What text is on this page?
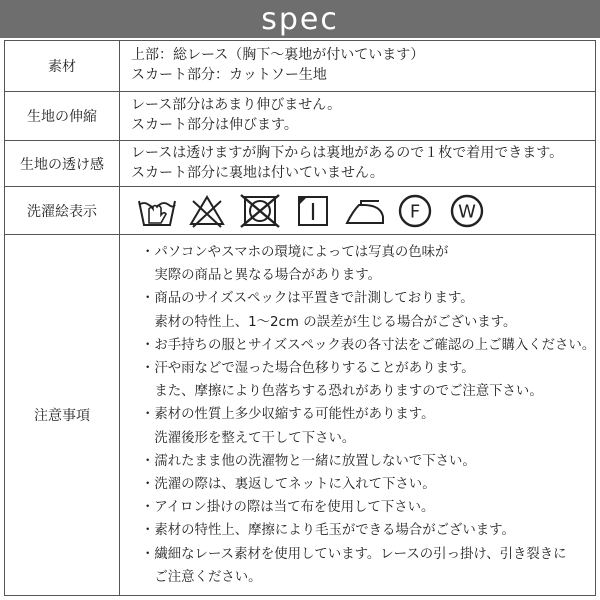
spec
素材
上部：総レース（胸下〜裏地が付いています）
スカート部分：カットソー生地
生地の伸縮
レース部分はあまり伸びません。
スカート部分は伸びます。
生地の透け感
レースは透けますが胸下からは裏地があるので１枚で着用できます。
スカート部分に裏地は付いていません。
洗濯絵表示	F W
注意事項
・パソコンやスマホの環境によっては写真の色味が
　実際の商品と異なる場合があります。
・商品のサイズスペックは平置きで計測しております。
　素材の特性上、1〜2cm の誤差が生じる場合がございます。
・お手持ちの服とサイズスペック表の各寸法をご確認の上ご購入ください。
・汗や雨などで湿った場合色移りすることがあります。
　また、摩擦により色落ちする恐れがありますのでご注意下さい。
・素材の性質上多少収縮する可能性があります。
　洗濯後形を整えて干して下さい。
・濡れたまま他の洗濯物と一緒に放置しないで下さい。
・洗濯の際は、裏返してネットに入れて下さい。
・アイロン掛けの際は当て布を使用して下さい。
・素材の特性上、摩擦により毛玉ができる場合がございます。
・繊細なレース素材を使用しています。レースの引っ掛け、引き裂きに
　ご注意ください。
